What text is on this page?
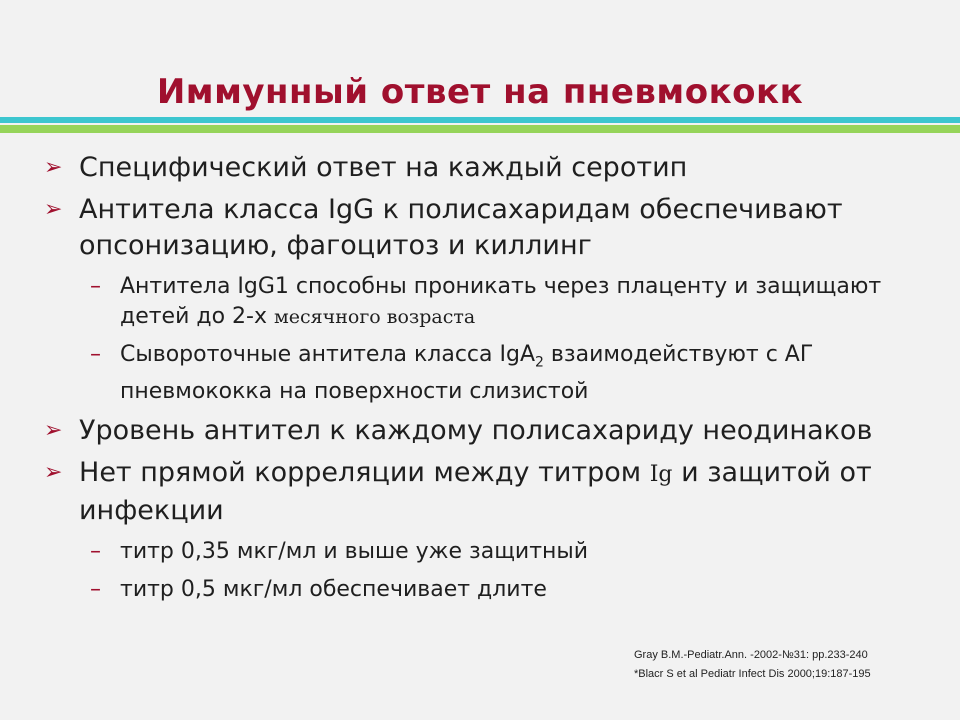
Иммунный ответ на пневмококк
➢ Специфический ответ на каждый серотип
➢ Антитела класса IgG к полисахаридам обеспечивают опсонизацию, фагоцитоз и киллинг
– Антитела IgG1 способны проникать через плаценту и защищают детей до 2-х месячного возраста
– Сывороточные антитела класса IgA$_2$ взаимодействуют с АГ пневмококка на поверхности слизистой
➢ Уровень антител к каждому полисахариду неодинаков
➢ Нет прямой корреляции между титром Ig и защитой от инфекции
– титр 0,35 мкг/мл и выше уже защитный
– титр 0,5 мкг/мл обеспечивает длите
Gray B.M.-Pediatr.Ann. -2002-№31: pp.233-240
*Blacr S et al Pediatr Infect Dis 2000;19:187-195
